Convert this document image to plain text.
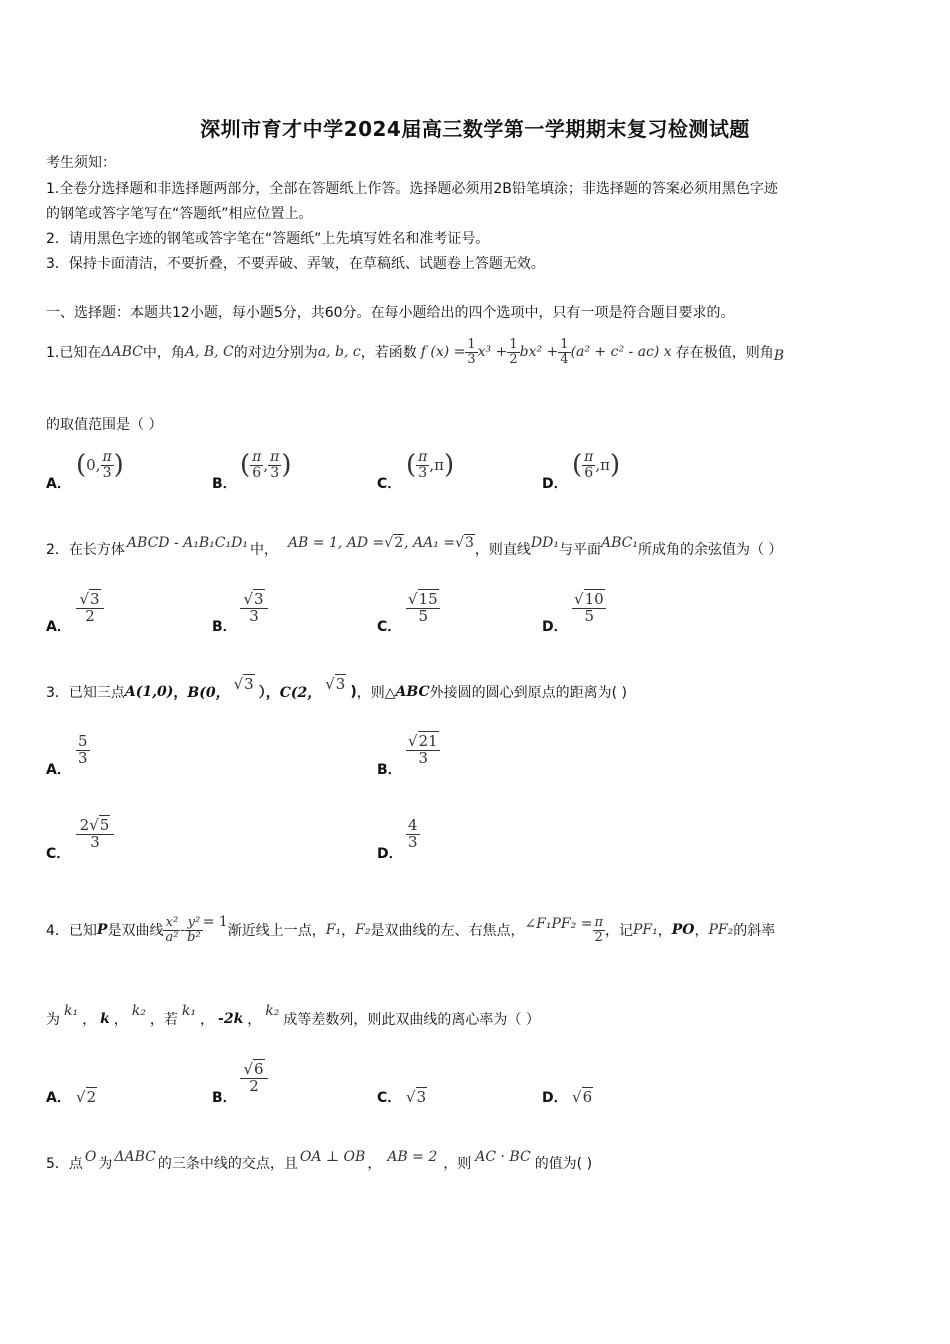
深圳市育才中学2024届高三数学第一学期期末复习检测试题
考生须知：
1.全卷分选择题和非选择题两部分，全部在答题纸上作答。选择题必须用2B铅笔填涂；非选择题的答案必须用黑色字迹
的钢笔或答字笔写在“答题纸”相应位置上。
2．请用黑色字迹的钢笔或答字笔在“答题纸”上先填写姓名和准考证号。
3．保持卡面清洁，不要折叠，不要弄破、弄皱，在草稿纸、试题卷上答题无效。
一、选择题：本题共12小题，每小题5分，共60分。在每小题给出的四个选项中，只有一项是符合题目要求的。
1.已知在 ΔABC 中，角 A, B, C 的对边分别为 a, b, c ，若函数 f $(x) = \frac{1}{3} x^3 + \frac{1}{2} bx^2 + \frac{1}{4} (a^2 + c^2 - ac)$ x 存在极值，则角 B
的取值范围是（ ）
A．
( 0, $\frac{\pi}{3}$ )
B．
( $\frac{\pi}{6}$ , $\frac{\pi}{3}$ )
C．
( $\frac{\pi}{3} ,\pi$ )
D．
( $\frac{\pi}{6} ,\pi$ )
2．在长方体 ABCD - A₁B₁C₁D₁ 中， AB = 1, AD = √2 , AA₁ = √3 ，则直线 DD₁ 与平面 ABC₁ 所成角的余弦值为（ ）
A．
$\frac{√3}{2}$
B．
$\frac{√3}{3}$
C．
$\frac{√15}{5}$
D．
$\frac{√10}{5}$
3．已知三点 A(1,0) ， B(0， √3 ）， C(2， √3 ) ，则△ ABC 外接圆的圆心到原点的距离为( )
A．
$\frac{5}{3}$
B．
$\frac{√21}{3}$
C．
$\frac{2√5}{3}$
D．
$\frac{4}{3}$
4．已知 P 是双曲线 $\frac{\text{x²}}{\text{a²}} - \frac{\text{y²}}{\text{b²}} = 1$
渐近线上一点， F₁ ， F₂ 是双曲线的左、右焦点， ∠F₁PF₂ = $\frac{\pi}{2}$ ，记 PF₁ ， PO ， PF₂ 的斜率
为
k₁
， k ，
k₂
，若
k₁
， -2k ，
k₂
成等差数列，则此双曲线的离心率为（ ）
A． √2	B．
$\frac{√6}{2}$
C． √3	D． √6
5．点 O 为 ΔABC 的三条中线的交点，且 OA ⊥ OB ， AB = 2 ，则 AC · BC 的值为( )
